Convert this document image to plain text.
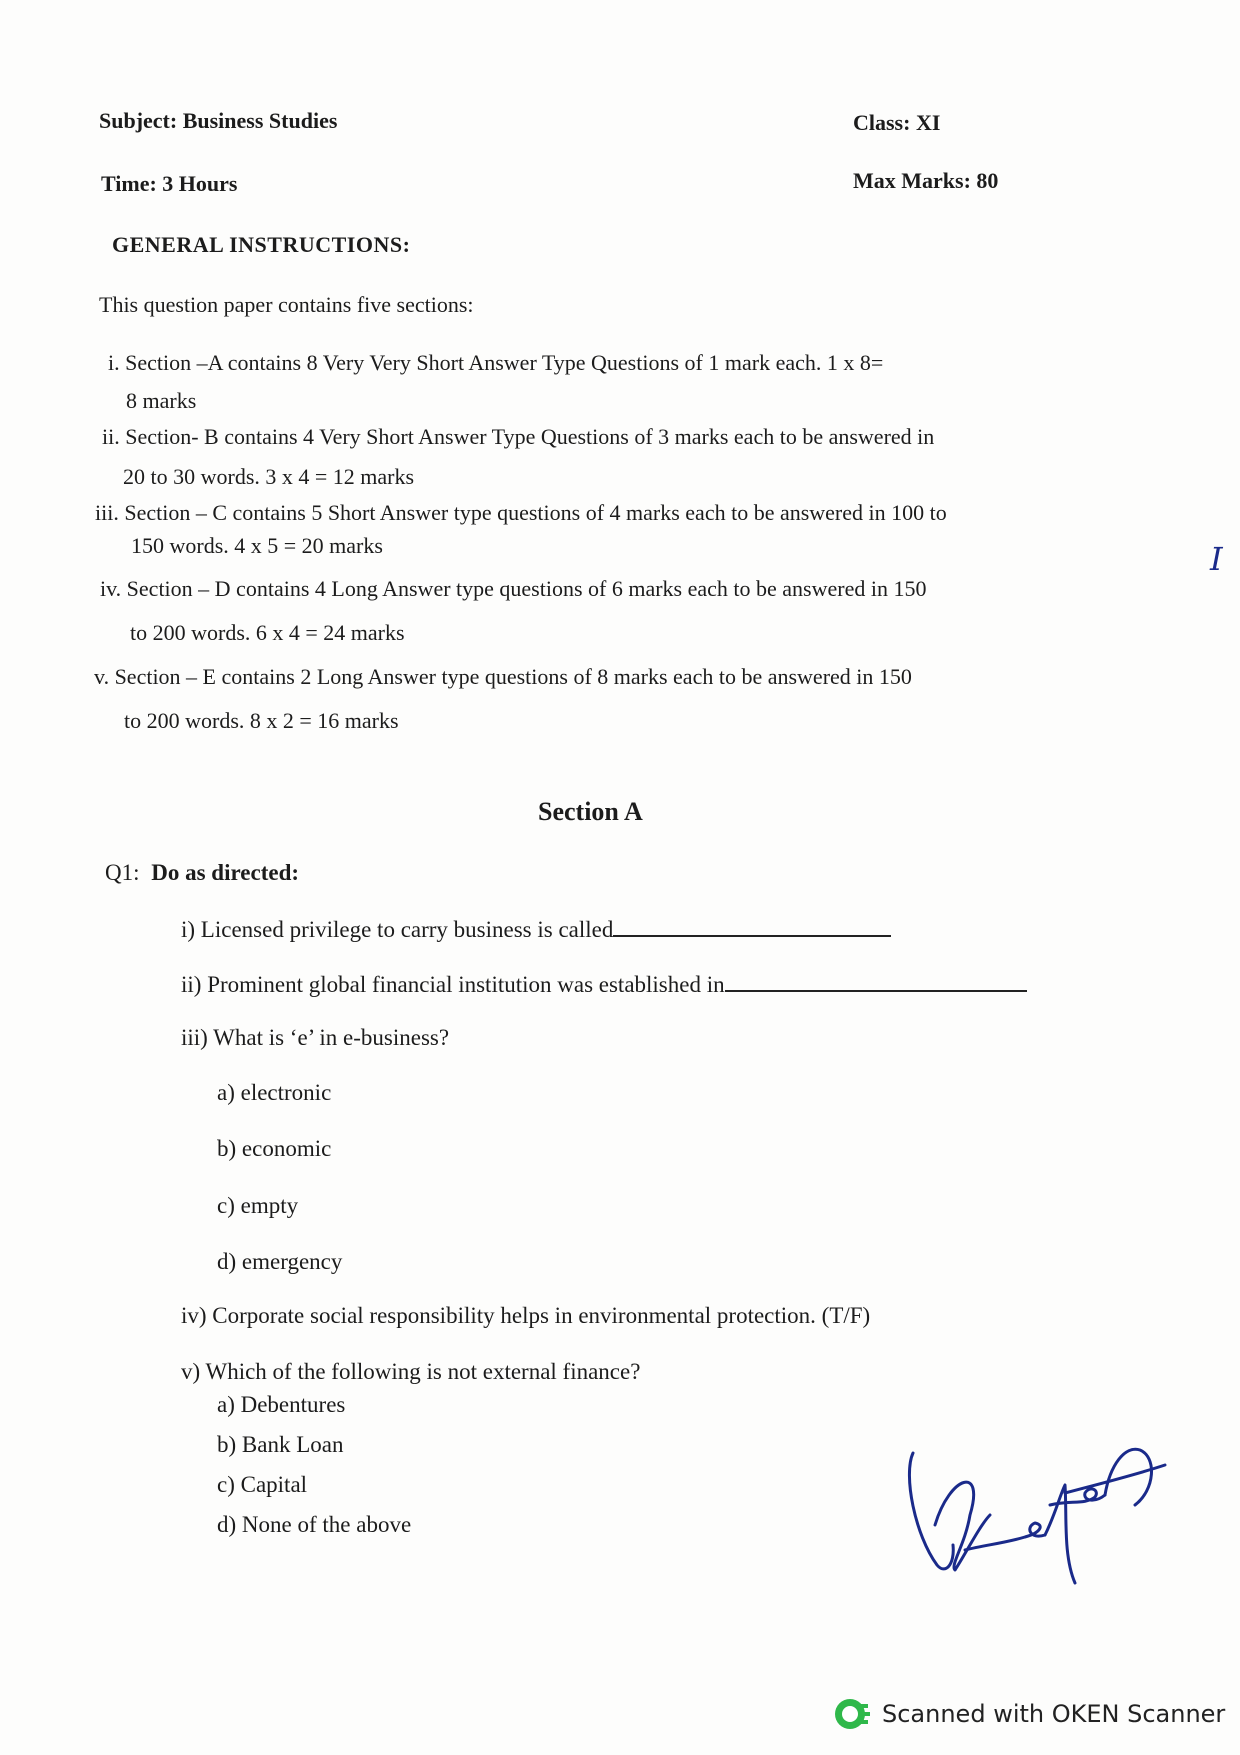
Subject: Business Studies	Class: XI
Time: 3 Hours	Max Marks: 80
GENERAL INSTRUCTIONS:
This question paper contains five sections:
i. Section –A contains 8 Very Very Short Answer Type Questions of 1 mark each. 1 x 8=
8 marks
ii. Section- B contains 4 Very Short Answer Type Questions of 3 marks each to be answered in
20 to 30 words. 3 x 4 = 12 marks
iii. Section – C contains 5 Short Answer type questions of 4 marks each to be answered in 100 to
150 words. 4 x 5 = 20 marks
iv. Section – D contains 4 Long Answer type questions of 6 marks each to be answered in 150
to 200 words. 6 x 4 = 24 marks
v. Section – E contains 2 Long Answer type questions of 8 marks each to be answered in 150
to 200 words. 8 x 2 = 16 marks
I
Section A
Q1: Do as directed:
i) Licensed privilege to carry business is called
ii) Prominent global financial institution was established in
iii) What is ‘e’ in e-business?
a) electronic
b) economic
c) empty
d) emergency
iv) Corporate social responsibility helps in environmental protection. (T/F)
v) Which of the following is not external finance?
a) Debentures
b) Bank Loan
c) Capital
d) None of the above
Scanned with OKEN Scanner
